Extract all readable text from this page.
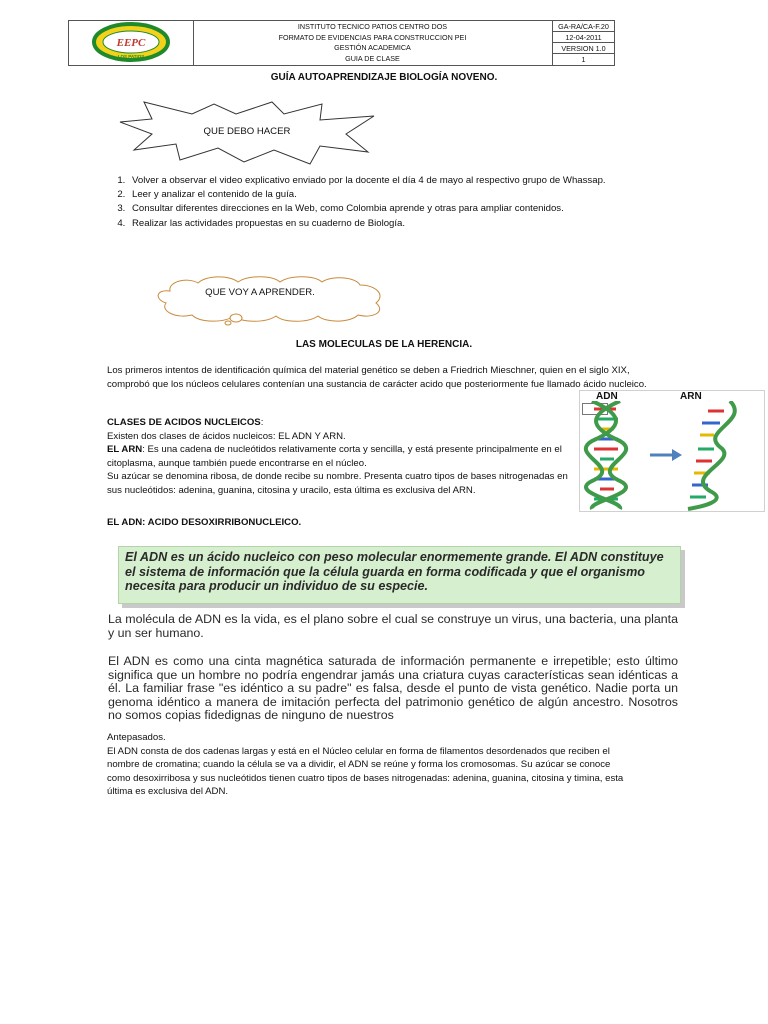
EEPC
LOS PATIOS
INSTITUTO TECNICO PATIOS CENTRO DOS
FORMATO DE EVIDENCIAS PARA CONSTRUCCION PEI
GESTIÓN ACADEMICA
GUIA DE CLASE
GA-RA/CA-F.20
12-04-2011
VERSION 1.0
1
GUÍA AUTOAPRENDIZAJE BIOLOGÍA NOVENO.
QUE DEBO HACER
1. Volver a observar el video explicativo enviado por la docente el día 4 de mayo al respectivo grupo de Whassap.
2. Leer y analizar el contenido de la guía.
3. Consultar diferentes direcciones en la Web, como Colombia aprende y otras para ampliar contenidos.
4. Realizar las actividades propuestas en su cuaderno de Biología.
QUE VOY A APRENDER.
LAS MOLECULAS DE LA HERENCIA.
Los primeros intentos de identificación química del material genético se deben a Friedrich Mieschner, quien en el siglo XIX, comprobó que los núcleos celulares contenían una sustancia de carácter acido que posteriormente fue llamado ácido nucleico.
CLASES DE ACIDOS NUCLEICOS:
Existen dos clases de ácidos nucleicos: EL ADN Y ARN.
EL ARN: Es una cadena de nucleótidos relativamente corta y sencilla, y está presente principalmente en el citoplasma, aunque también puede encontrarse en el núcleo.
Su azúcar se denomina ribosa, de donde recibe su nombre. Presenta cuatro tipos de bases nitrogenadas en sus nucleótidos: adenina, guanina, citosina y uracilo, esta última es exclusiva del ARN.
ADN	ARN
EL ADN: ACIDO DESOXIRRIBONUCLEICO.
El ADN es un ácido nucleico con peso molecular enormemente grande. El ADN constituye el sistema de información que la célula guarda en forma codificada y que el organismo necesita para producir un individuo de su especie.
La molécula de ADN es la vida, es el plano sobre el cual se construye un virus, una bacteria, una planta y un ser humano.
El ADN es como una cinta magnética saturada de información permanente e irrepetible; esto último significa que un hombre no podría engendrar jamás una criatura cuyas características sean idénticas a él. La familiar frase "es idéntico a su padre" es falsa, desde el punto de vista genético. Nadie porta un genoma idéntico a manera de imitación perfecta del patrimonio genético de algún ancestro. Nosotros no somos copias fidedignas de ninguno de nuestros
Antepasados.
El ADN consta de dos cadenas largas y está en el Núcleo celular en forma de filamentos desordenados que reciben el nombre de cromatina; cuando la célula se va a dividir, el ADN se reúne y forma los cromosomas. Su azúcar se conoce como desoxirribosa y sus nucleótidos tienen cuatro tipos de bases nitrogenadas: adenina, guanina, citosina y timina, esta última es exclusiva del ADN.
